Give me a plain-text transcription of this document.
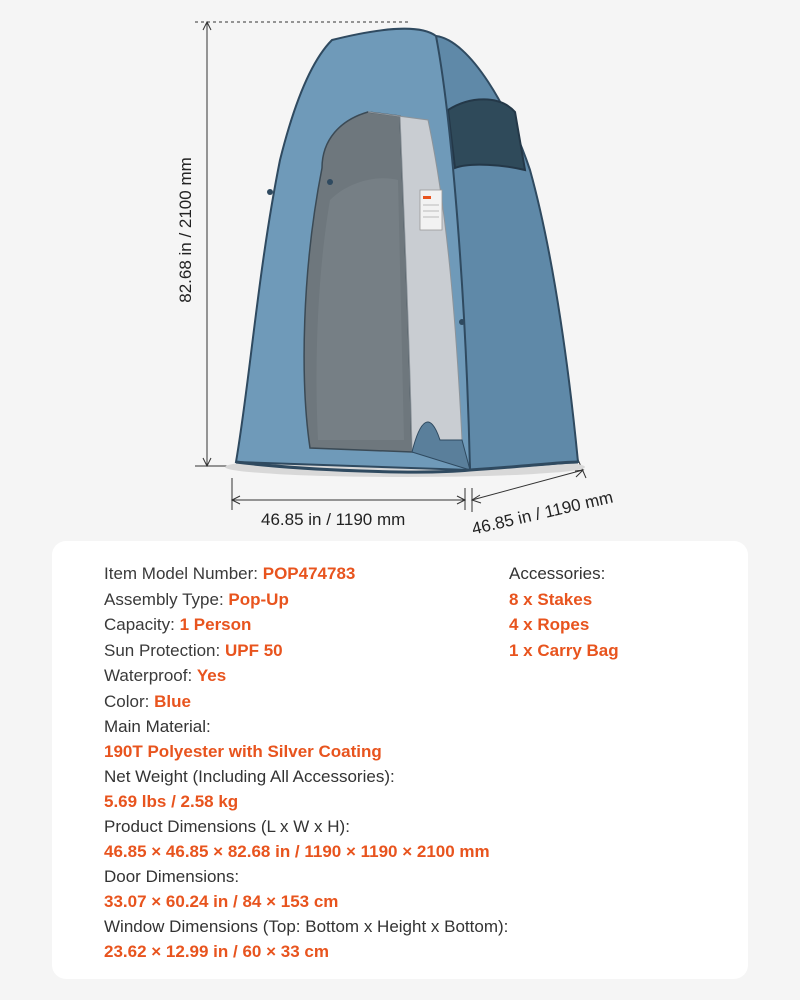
82.68 in / 2100 mm
46.85 in / 1190 mm	46.85 in / 1190 mm
Item Model Number: POP474783
Assembly Type: Pop-Up
Capacity: 1 Person
Sun Protection: UPF 50
Waterproof: Yes
Color: Blue
Main Material:
190T Polyester with Silver Coating
Net Weight (Including All Accessories):
5.69 lbs / 2.58 kg
Product Dimensions (L x W x H):
46.85 × 46.85 × 82.68 in / 1190 × 1190 × 2100 mm
Door Dimensions:
33.07 × 60.24 in / 84 × 153 cm
Window Dimensions (Top: Bottom x Height x Bottom):
23.62 × 12.99 in / 60 × 33 cm
Accessories:
8 x Stakes
4 x Ropes
1 x Carry Bag
